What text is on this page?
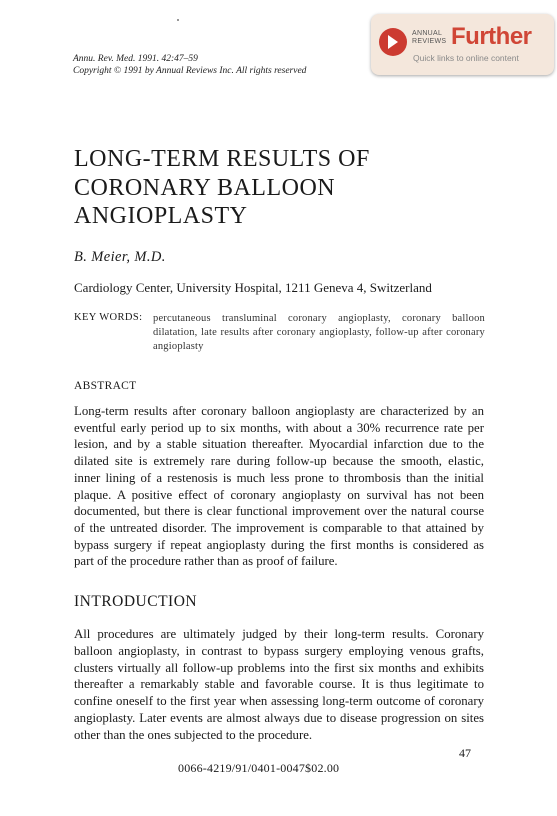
Annu. Rev. Med. 1991. 42:47–59
Copyright © 1991 by Annual Reviews Inc. All rights reserved
ANNUAL
REVIEWS Further
Quick links to online content
LONG-TERM RESULTS OF
CORONARY BALLOON
ANGIOPLASTY
B. Meier, M.D.
Cardiology Center, University Hospital, 1211 Geneva 4, Switzerland
KEY WORDS: percutaneous transluminal coronary angioplasty, coronary balloon dilatation, late results after coronary angioplasty, follow-up after coronary angioplasty
ABSTRACT
Long-term results after coronary balloon angioplasty are characterized by an eventful early period up to six months, with about a 30% recurrence rate per lesion, and by a stable situation thereafter. Myocardial infarction due to the dilated site is extremely rare during follow-up because the smooth, elastic, inner lining of a restenosis is much less prone to thrombosis than the initial plaque. A positive effect of coronary angioplasty on survival has not been documented, but there is clear functional improvement over the natural course of the untreated disorder. The improvement is comparable to that attained by bypass surgery if repeat angioplasty during the first months is considered as part of the procedure rather than as proof of failure.
INTRODUCTION
All procedures are ultimately judged by their long-term results. Coronary balloon angioplasty, in contrast to bypass surgery employing venous grafts, clusters virtually all follow-up problems into the first six months and exhibits thereafter a remarkably stable and favorable course. It is thus legitimate to confine oneself to the first year when assessing long-term outcome of coronary angioplasty. Later events are almost always due to disease progression on sites other than the ones subjected to the procedure.
47
0066-4219/91/0401-0047$02.00
